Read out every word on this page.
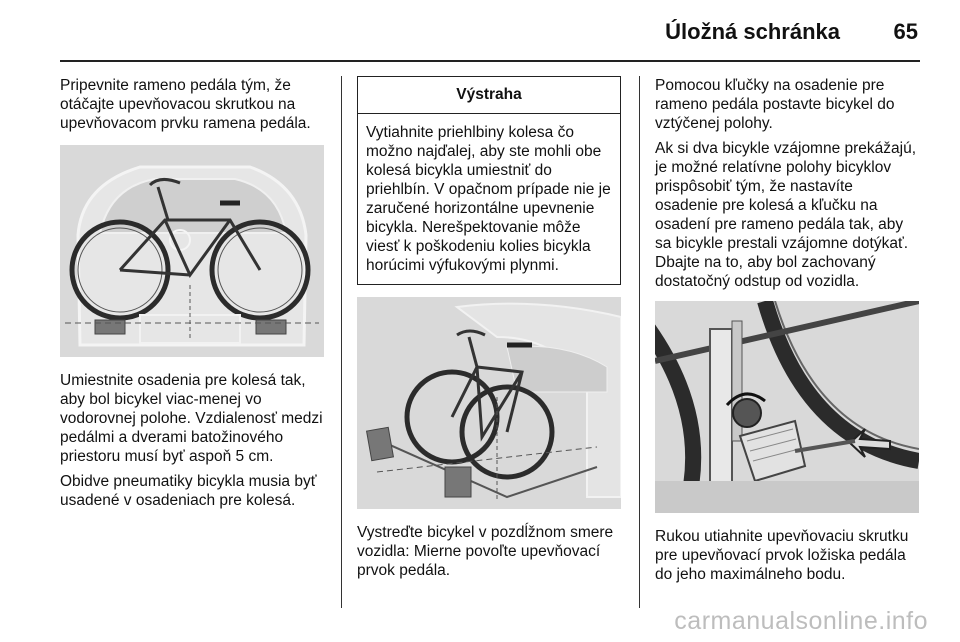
Úložná schránka 65

Pripevnite rameno pedála tým, že otáčajte upevňovacou skrutkou na upevňovacom prvku ramena pedála.

Umiestnite osadenia pre kolesá tak, aby bol bicykel viac-menej vo vodorovnej polohe. Vzdialenosť medzi pedálmi a dverami batožinového priestoru musí byť aspoň 5 cm.

Obidve pneumatiky bicykla musia byť usadené v osadeniach pre kolesá.

Výstraha
Vytiahnite priehlbiny kolesa čo možno najďalej, aby ste mohli obe kolesá bicykla umiestniť do priehlbín. V opačnom prípade nie je zaručené horizontálne upevnenie bicykla. Nerešpektovanie môže viesť k poškodeniu kolies bicykla horúcimi výfukovými plynmi.

Vystreďte bicykel v pozdĺžnom smere vozidla: Mierne povoľte upevňovací prvok pedála.

Pomocou kľučky na osadenie pre rameno pedála postavte bicykel do vztýčenej polohy.

Ak si dva bicykle vzájomne prekážajú, je možné relatívne polohy bicyklov prispôsobiť tým, že nastavíte osadenie pre kolesá a kľučku na osadení pre rameno pedála tak, aby sa bicykle prestali vzájomne dotýkať. Dbajte na to, aby bol zachovaný dostatočný odstup od vozidla.

Rukou utiahnite upevňovaciu skrutku pre upevňovací prvok ložiska pedála do jeho maximálneho bodu.

carmanualsonline.info
